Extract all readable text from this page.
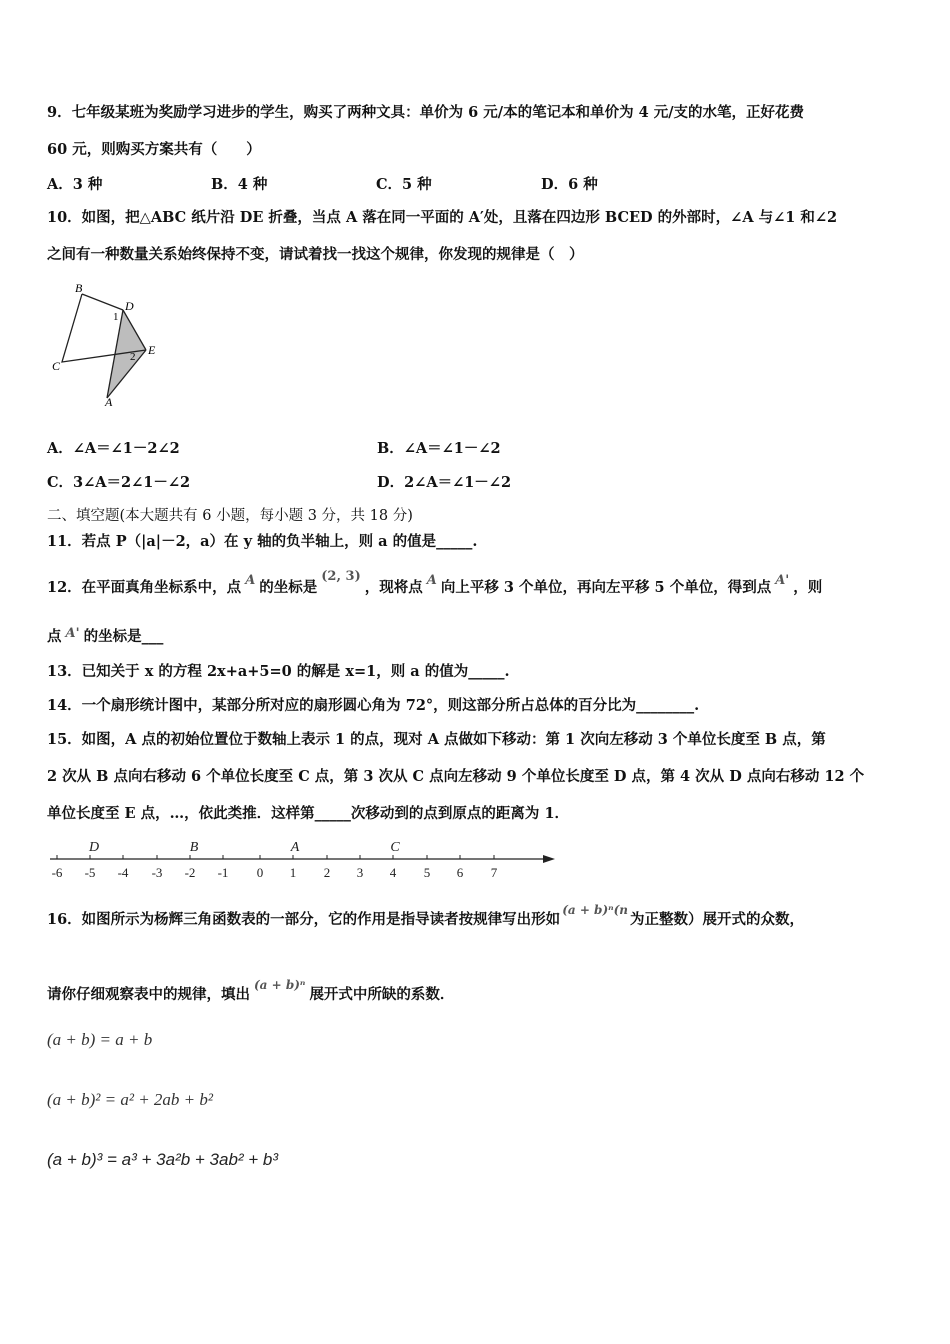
9．七年级某班为奖励学习进步的学生，购买了两种文具：单价为 6 元/本的笔记本和单价为 4 元/支的水笔，正好花费
60 元，则购买方案共有（　　）
A．3 种	B．4 种	C．5 种	D．6 种
10．如图，把△ABC 纸片沿 DE 折叠，当点 A 落在同一平面的 A′处，且落在四边形 BCED 的外部时，∠A 与∠1 和∠2
之间有一种数量关系始终保持不变，请试着找一找这个规律，你发现的规律是（　）
B
D
1
E
2
C
A
A．∠A＝∠1－2∠2	B．∠A＝∠1－∠2
C．3∠A＝2∠1－∠2	D．2∠A＝∠1－∠2
二、填空题(本大题共有 6 小题，每小题 3 分，共 18 分)
11．若点 P（|a|－2，a）在 y 轴的负半轴上，则 a 的值是_____.
12．在平面真角坐标系中，点 A 的坐标是(2, 3)，现将点 A 向上平移 3 个单位，再向左平移 5 个单位，得到点 A' ，则
点 A' 的坐标是___
13．已知关于 x 的方程 2x+a+5=0 的解是 x=1，则 a 的值为_____.
14．一个扇形统计图中，某部分所对应的扇形圆心角为 72°，则这部分所占总体的百分比为________.
15．如图，A 点的初始位置位于数轴上表示 1 的点，现对 A 点做如下移动：第 1 次向左移动 3 个单位长度至 B 点，第
2 次从 B 点向右移动 6 个单位长度至 C 点，第 3 次从 C 点向左移动 9 个单位长度至 D 点，第 4 次从 D 点向右移动 12 个
单位长度至 E 点，…，依此类推．这样第_____次移动到的点到原点的距离为 1．
-6 -5 -4 -3 -2 -1 0 1 2 3 4 5 6 7
D	B	A	C
16．如图所示为杨辉三角函数表的一部分，它的作用是指导读者按规律写出形如$^{(a + b)^n(n}$为正整数）展开式的众数，
请你仔细观察表中的规律，填出$^{(a + b)^n}$展开式中所缺的系数．
(a + b) = a + b
(a + b)² = a² + 2ab + b²
(a + b)³ = a³ + 3a²b + 3ab² + b³
